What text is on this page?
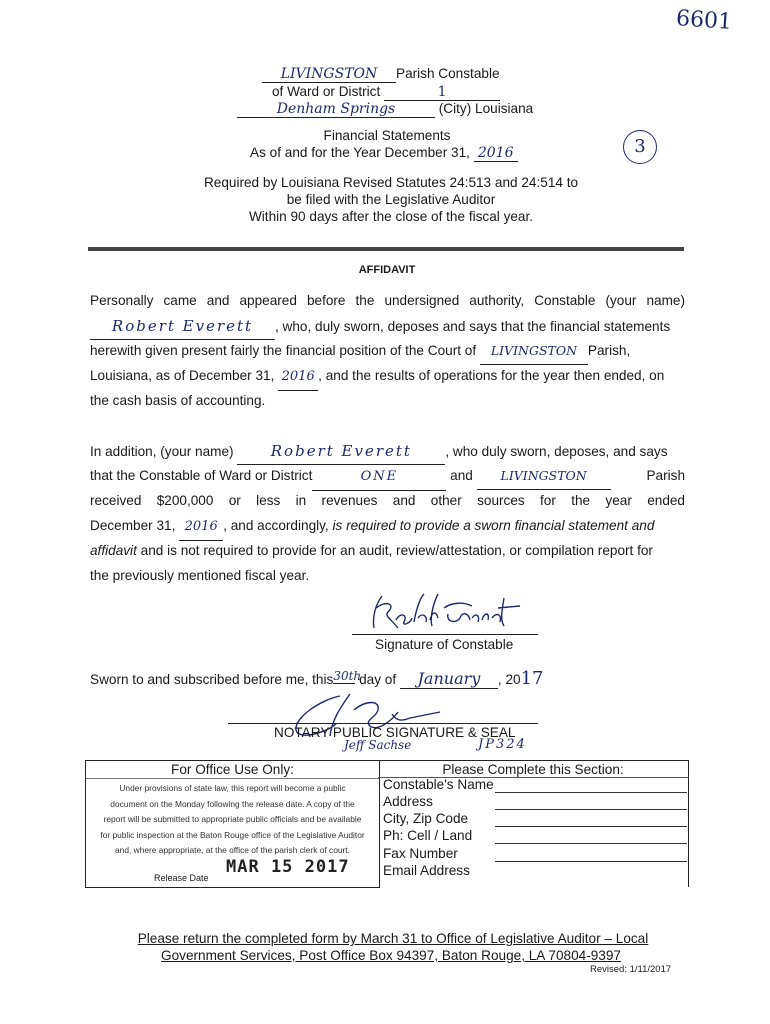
6601
3
LIVINGSTON Parish Constable
of Ward or District	1
Denham Springs	(City) Louisiana
Financial Statements
As of and for the Year December 31, 2016
Required by Louisiana Revised Statutes 24:513 and 24:514 to
be filed with the Legislative Auditor
Within 90 days after the close of the fiscal year.
AFFIDAVIT
Personally came and appeared before the undersigned authority, Constable (your name)
Robert Everett , who, duly sworn, deposes and says that the financial statements
herewith given present fairly the financial position of the Court of LIVINGSTON Parish,
Louisiana, as of December 31, 2016 , and the results of operations for the year then ended, on
the cash basis of accounting.
In addition, (your name) Robert Everett , who duly sworn, deposes, and says
that the Constable of Ward or District	ONE	and LIVINGSTON	Parish
received $200,000 or less in revenues and other sources for the year ended
December 31, 2016 , and accordingly, is required to provide a sworn financial statement and
affidavit and is not required to provide for an audit, review/attestation, or compilation report for
the previously mentioned fiscal year.
Signature of Constable
Sworn to and subscribed before me, this30th day of January , 2017
NOTARY PUBLIC SIGNATURE & SEAL
Jeff Sachse	JP324
For Office Use Only:
Under provisions of state law, this report will become a public
document on the Monday following the release date. A copy of the
report will be submitted to appropriate public officials and be available
for public inspection at the Baton Rouge office of the Legislative Auditor
and, where appropriate, at the office of the parish clerk of court.
Release Date
MAR 15 2017
Please Complete this Section:
Constable's Name
Address
City, Zip Code
Ph: Cell / Land
Fax Number
Email Address
Please return the completed form by March 31 to Office of Legislative Auditor – Local
Government Services, Post Office Box 94397, Baton Rouge, LA 70804-9397
Revised: 1/11/2017
